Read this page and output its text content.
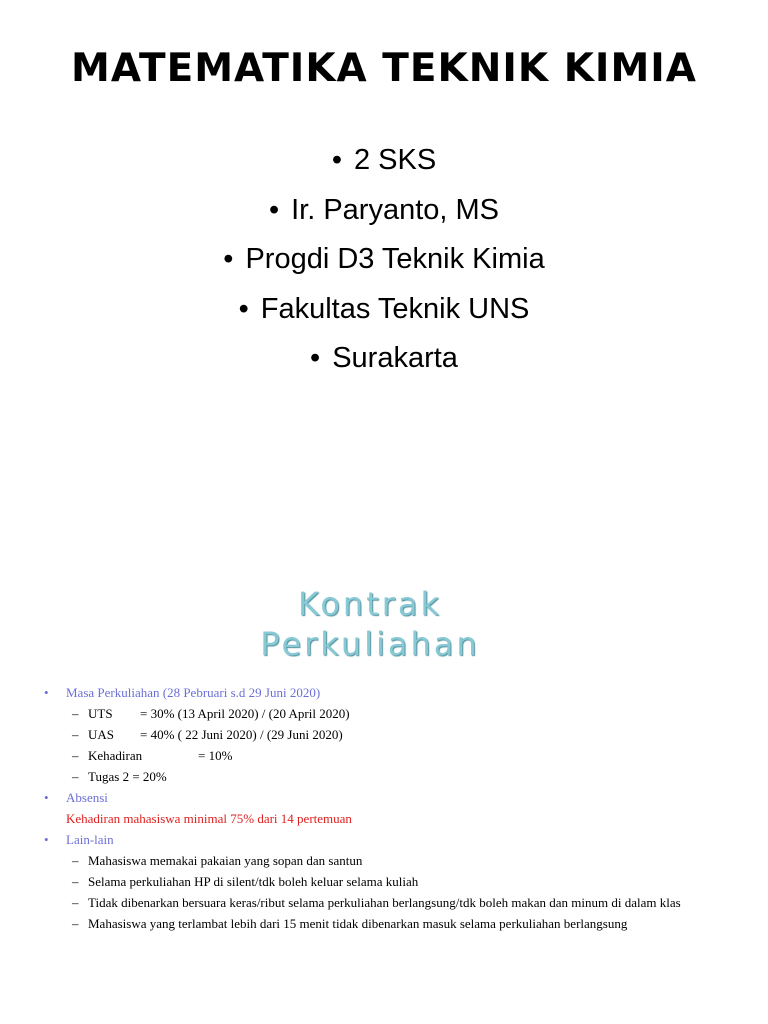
MATEMATIKA TEKNIK KIMIA
• 2 SKS
• Ir. Paryanto, MS
• Progdi D3 Teknik Kimia
• Fakultas Teknik UNS
• Surakarta
Kontrak
Perkuliahan
• Masa Perkuliahan (28 Pebruari s.d 29 Juni 2020)
– UTS = 30% (13 April 2020) / (20 April 2020)
– UAS = 40% ( 22 Juni 2020) / (29 Juni 2020)
– Kehadiran	= 10%
– Tugas 2 = 20%
• Absensi
Kehadiran mahasiswa minimal 75% dari 14 pertemuan
• Lain-lain
– Mahasiswa memakai pakaian yang sopan dan santun
– Selama perkuliahan HP di silent/tdk boleh keluar selama kuliah
– Tidak dibenarkan bersuara keras/ribut selama perkuliahan berlangsung/tdk boleh makan dan minum di dalam klas
– Mahasiswa yang terlambat lebih dari 15 menit tidak dibenarkan masuk selama perkuliahan berlangsung
